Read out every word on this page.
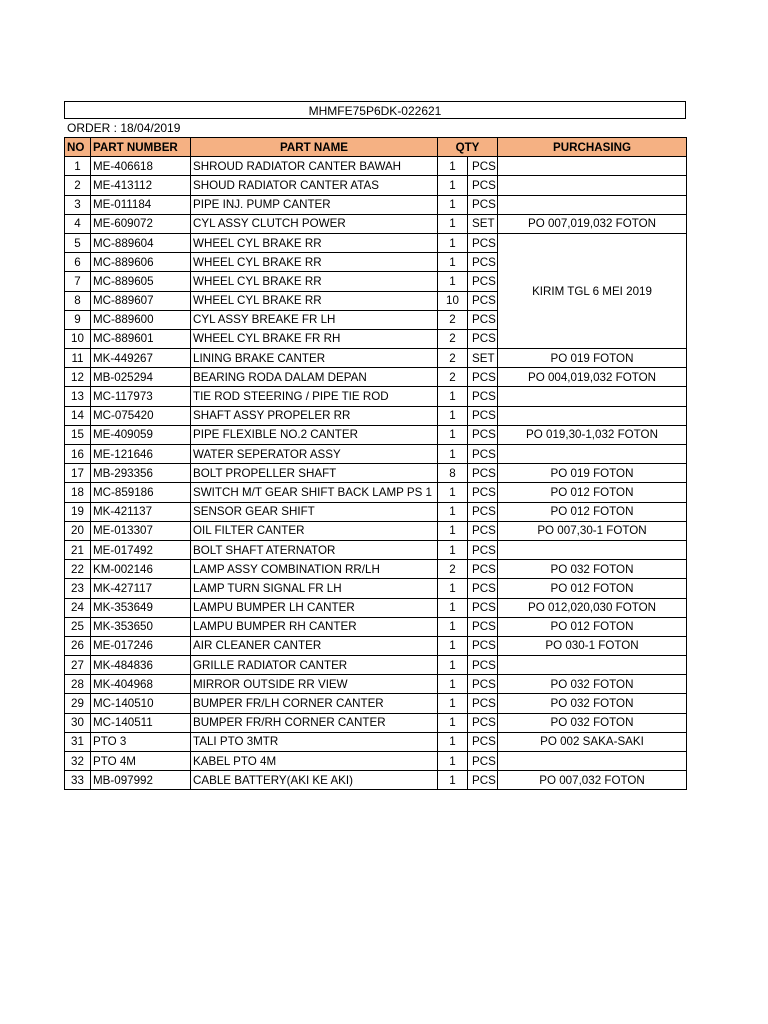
MHMFE75P6DK-022621
ORDER : 18/04/2019
NO	PART NUMBER	PART NAME	QTY		PURCHASING
1	ME-406618	SHROUD RADIATOR CANTER BAWAH	1	PCS	
2	ME-413112	SHOUD RADIATOR CANTER ATAS	1	PCS	
3	ME-011184	PIPE INJ. PUMP CANTER	1	PCS	
4	ME-609072	CYL ASSY CLUTCH POWER	1	SET	PO 007,019,032 FOTON
5	MC-889604	WHEEL CYL BRAKE RR	1	PCS	KIRIM TGL 6 MEI 2019
6	MC-889606	WHEEL CYL BRAKE RR	1	PCS	
7	MC-889605	WHEEL CYL BRAKE RR	1	PCS	
8	MC-889607	WHEEL CYL BRAKE RR	10	PCS	
9	MC-889600	CYL ASSY BREAKE FR LH	2	PCS	
10	MC-889601	WHEEL CYL BRAKE FR RH	2	PCS	
11	MK-449267	LINING BRAKE CANTER	2	SET	PO 019 FOTON
12	MB-025294	BEARING RODA DALAM DEPAN	2	PCS	PO 004,019,032 FOTON
13	MC-117973	TIE ROD STEERING / PIPE TIE ROD	1	PCS	
14	MC-075420	SHAFT ASSY PROPELER RR	1	PCS	
15	ME-409059	PIPE FLEXIBLE NO.2 CANTER	1	PCS	PO 019,30-1,032 FOTON
16	ME-121646	WATER SEPERATOR ASSY	1	PCS	
17	MB-293356	BOLT PROPELLER SHAFT	8	PCS	PO 019 FOTON
18	MC-859186	SWITCH M/T GEAR SHIFT BACK LAMP PS 1	1	PCS	PO 012 FOTON
19	MK-421137	SENSOR GEAR SHIFT	1	PCS	PO 012 FOTON
20	ME-013307	OIL FILTER CANTER	1	PCS	PO 007,30-1 FOTON
21	ME-017492	BOLT SHAFT ATERNATOR	1	PCS	
22	KM-002146	LAMP ASSY COMBINATION RR/LH	2	PCS	PO 032 FOTON
23	MK-427117	LAMP TURN SIGNAL FR LH	1	PCS	PO 012 FOTON
24	MK-353649	LAMPU BUMPER LH CANTER	1	PCS	PO 012,020,030 FOTON
25	MK-353650	LAMPU BUMPER RH CANTER	1	PCS	PO 012 FOTON
26	ME-017246	AIR CLEANER CANTER	1	PCS	PO 030-1 FOTON
27	MK-484836	GRILLE RADIATOR CANTER	1	PCS	
28	MK-404968	MIRROR OUTSIDE RR VIEW	1	PCS	PO 032 FOTON
29	MC-140510	BUMPER FR/LH CORNER CANTER	1	PCS	PO 032 FOTON
30	MC-140511	BUMPER FR/RH CORNER CANTER	1	PCS	PO 032 FOTON
31	PTO 3	TALI PTO 3MTR	1	PCS	PO 002 SAKA-SAKI
32	PTO 4M	KABEL PTO 4M	1	PCS	
33	MB-097992	CABLE BATTERY(AKI KE AKI)	1	PCS	PO 007,032 FOTON
